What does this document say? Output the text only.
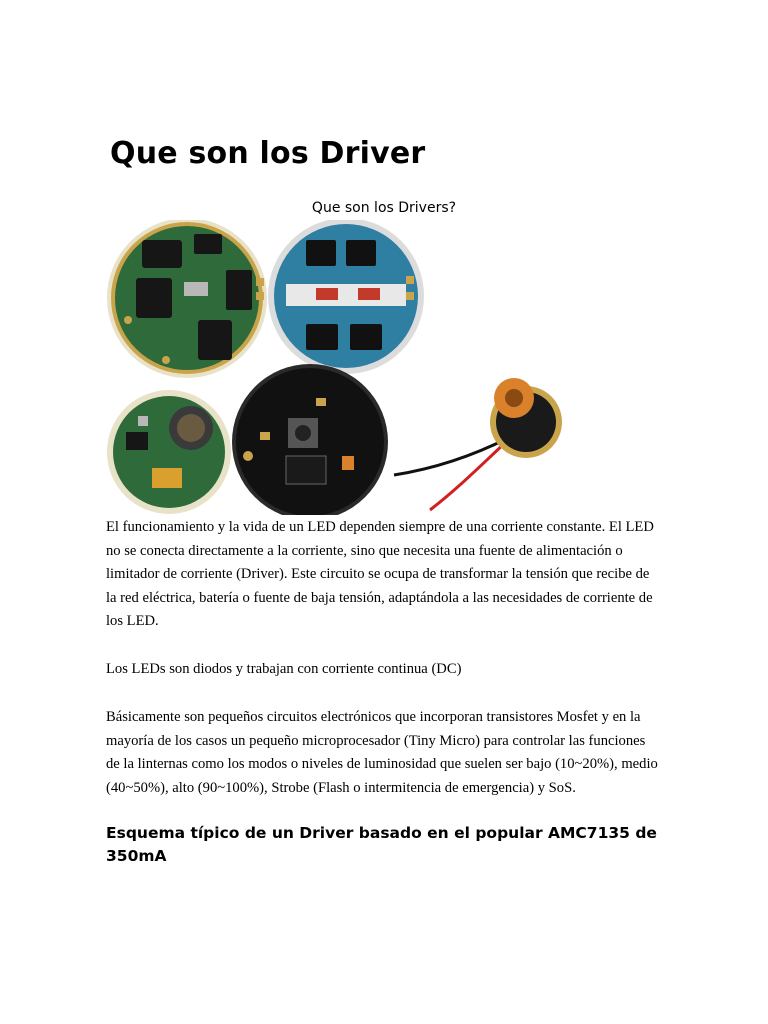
Que son los Driver

Que son los Drivers?

El funcionamiento y la vida de un LED dependen siempre de una corriente constante. El LED no se conecta directamente a la corriente, sino que necesita una fuente de alimentación o limitador de corriente (Driver). Este circuito se ocupa de transformar la tensión que recibe de la red eléctrica, batería o fuente de baja tensión, adaptándola a las necesidades de corriente de los LED.

Los LEDs son diodos y trabajan con corriente continua (DC)

Básicamente son pequeños circuitos electrónicos que incorporan transistores Mosfet y en la mayoría de los casos un pequeño microprocesador (Tiny Micro) para controlar las funciones de la linternas como los modos o niveles de luminosidad que suelen ser bajo (10~20%), medio (40~50%), alto (90~100%), Strobe (Flash o intermitencia de emergencia) y SoS.

Esquema típico de un Driver basado en el popular AMC7135 de 350mA
